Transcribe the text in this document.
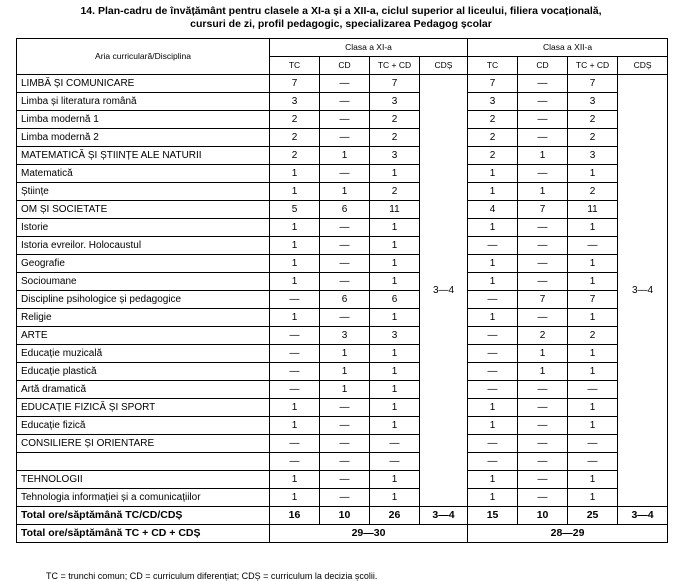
14. Plan-cadru de învățământ pentru clasele a XI-a și a XII-a, ciclul superior al liceului, filiera vocațională,
cursuri de zi, profil pedagogic, specializarea Pedagog școlar
Aria curriculară/Disciplina	Clasa a XI-a				Clasa a XII-a			
	TC	CD	TC + CD	CDȘ	TC	CD	TC + CD	CDȘ
LIMBĂ ȘI COMUNICARE	7	—	7	3—4	7	—	7	3—4
Limba și literatura română	3	—	3		3	—	3	
Limba modernă 1	2	—	2		2	—	2	
Limba modernă 2	2	—	2		2	—	2	
MATEMATICĂ ȘI ȘTIINȚE ALE NATURII	2	1	3		2	1	3	
Matematică	1	—	1		1	—	1	
Științe	1	1	2		1	1	2	
OM ȘI SOCIETATE	5	6	11		4	7	11	
Istorie	1	—	1		1	—	1	
Istoria evreilor. Holocaustul	1	—	1		—	—	—	
Geografie	1	—	1		1	—	1	
Socioumane	1	—	1		1	—	1	
Discipline psihologice și pedagogice	—	6	6		—	7	7	
Religie	1	—	1		1	—	1	
ARTE	—	3	3		—	2	2	
Educație muzicală	—	1	1		—	1	1	
Educație plastică	—	1	1		—	1	1	
Artă dramatică	—	1	1		—	—	—	
EDUCAȚIE FIZICĂ ȘI SPORT	1	—	1		1	—	1	
Educație fizică	1	—	1		1	—	1	
CONSILIERE ȘI ORIENTARE	—	—	—		—	—	—	
	—	—	—		—	—	—	
TEHNOLOGII	1	—	1		1	—	1	
Tehnologia informației și a comunicațiilor	1	—	1		1	—	1	
Total ore/săptămână TC/CD/CDȘ	16	10	26	3—4	15	10	25	3—4
Total ore/săptămână TC + CD + CDȘ	29—30				28—29			
TC = trunchi comun; CD = curriculum diferențiat; CDȘ = curriculum la decizia școlii.
